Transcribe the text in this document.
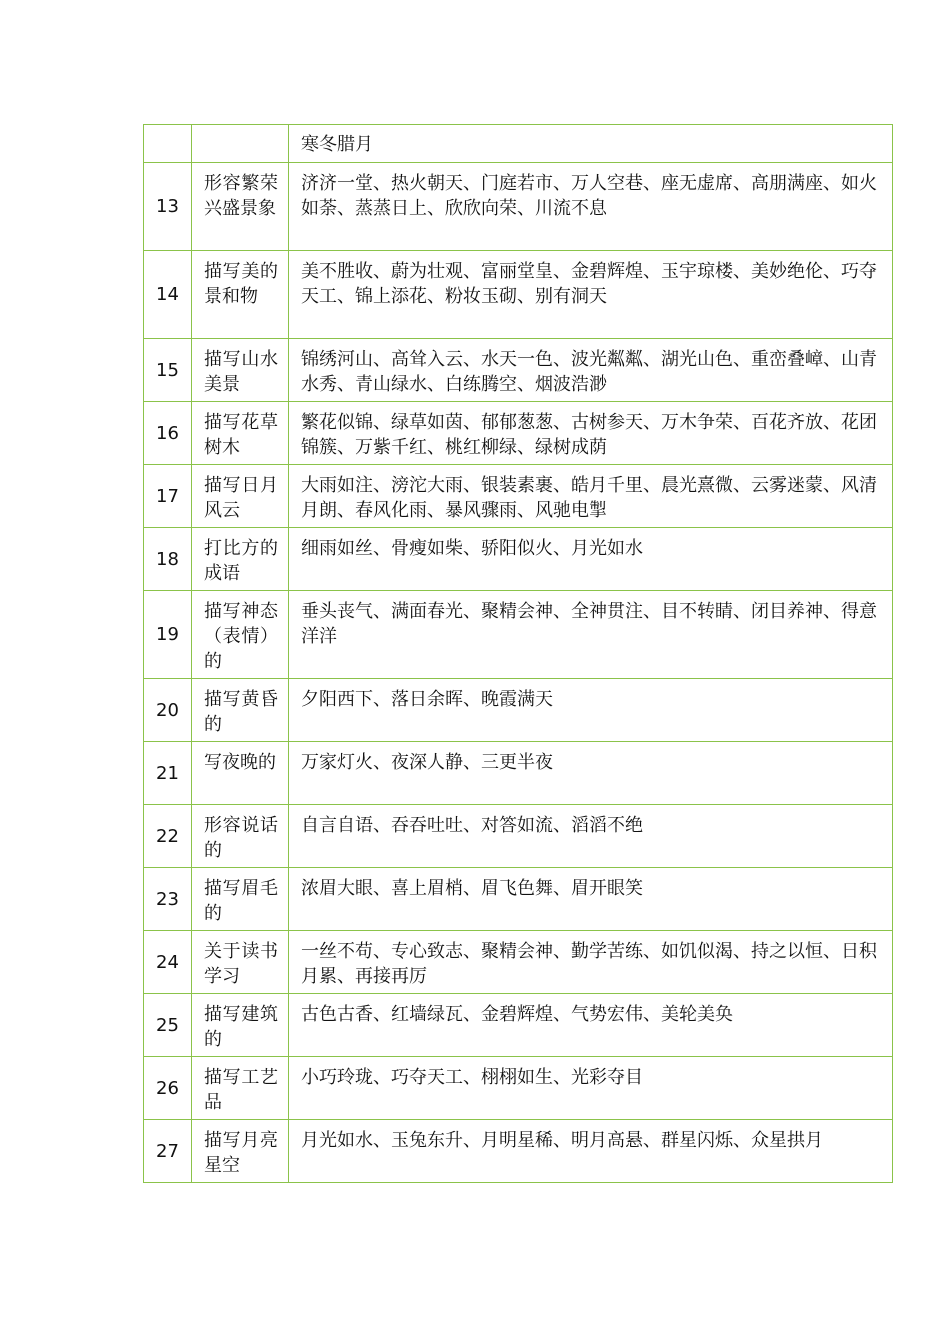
		寒冬腊月
13	形容繁荣兴盛景象	济济一堂、热火朝天、门庭若市、万人空巷、座无虚席、高朋满座、如火如荼、蒸蒸日上、欣欣向荣、川流不息
14	描写美的景和物	美不胜收、蔚为壮观、富丽堂皇、金碧辉煌、玉宇琼楼、美妙绝伦、巧夺天工、锦上添花、粉妆玉砌、别有洞天
15	描写山水美景	锦绣河山、高耸入云、水天一色、波光粼粼、湖光山色、重峦叠嶂、山青水秀、青山绿水、白练腾空、烟波浩渺
16	描写花草树木	繁花似锦、绿草如茵、郁郁葱葱、古树参天、万木争荣、百花齐放、花团锦簇、万紫千红、桃红柳绿、绿树成荫
17	描写日月风云	大雨如注、滂沱大雨、银装素裹、皓月千里、晨光熹微、云雾迷蒙、风清月朗、春风化雨、暴风骤雨、风驰电掣
18	打比方的成语	细雨如丝、骨瘦如柴、骄阳似火、月光如水
19	描写神态（表情）的	垂头丧气、满面春光、聚精会神、全神贯注、目不转睛、闭目养神、得意洋洋
20	描写黄昏的	夕阳西下、落日余晖、晚霞满天
21	写夜晚的	万家灯火、夜深人静、三更半夜
22	形容说话的	自言自语、吞吞吐吐、对答如流、滔滔不绝
23	描写眉毛的	浓眉大眼、喜上眉梢、眉飞色舞、眉开眼笑
24	关于读书学习	一丝不苟、专心致志、聚精会神、勤学苦练、如饥似渴、持之以恒、日积月累、再接再厉
25	描写建筑的	古色古香、红墙绿瓦、金碧辉煌、气势宏伟、美轮美奂
26	描写工艺品	小巧玲珑、巧夺天工、栩栩如生、光彩夺目
27	描写月亮星空	月光如水、玉兔东升、月明星稀、明月高悬、群星闪烁、众星拱月
